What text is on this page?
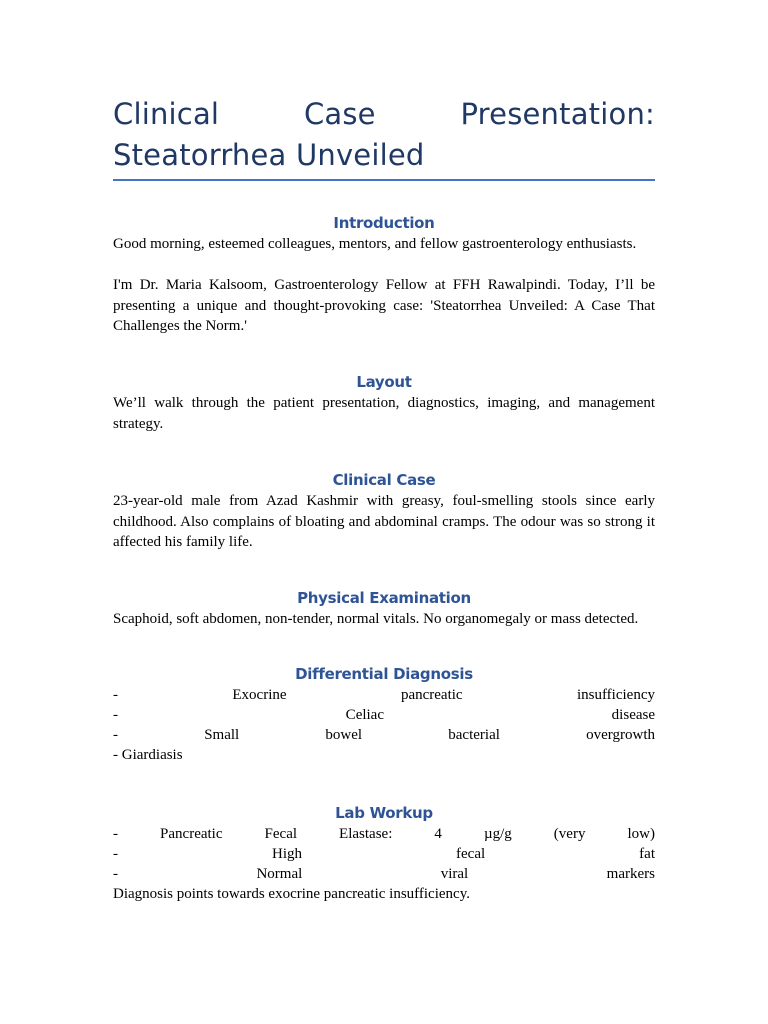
Clinical Case Presentation: Steatorrhea Unveiled
Introduction

Good morning, esteemed colleagues, mentors, and fellow gastroenterology enthusiasts.

I'm Dr. Maria Kalsoom, Gastroenterology Fellow at FFH Rawalpindi. Today, I’ll be presenting a unique and thought-provoking case: 'Steatorrhea Unveiled: A Case That Challenges the Norm.'

Layout

We’ll walk through the patient presentation, diagnostics, imaging, and management strategy.

Clinical Case

23-year-old male from Azad Kashmir with greasy, foul-smelling stools since early childhood. Also complains of bloating and abdominal cramps. The odour was so strong it affected his family life.

Physical Examination

Scaphoid, soft abdomen, non-tender, normal vitals. No organomegaly or mass detected.

Differential Diagnosis

- Exocrine pancreatic insufficiency

- Celiac disease

- Small bowel bacterial overgrowth

- Giardiasis

Lab Workup

- Pancreatic Fecal Elastase: 4 µg/g (very low)

- High fecal fat

- Normal viral markers

Diagnosis points towards exocrine pancreatic insufficiency.
